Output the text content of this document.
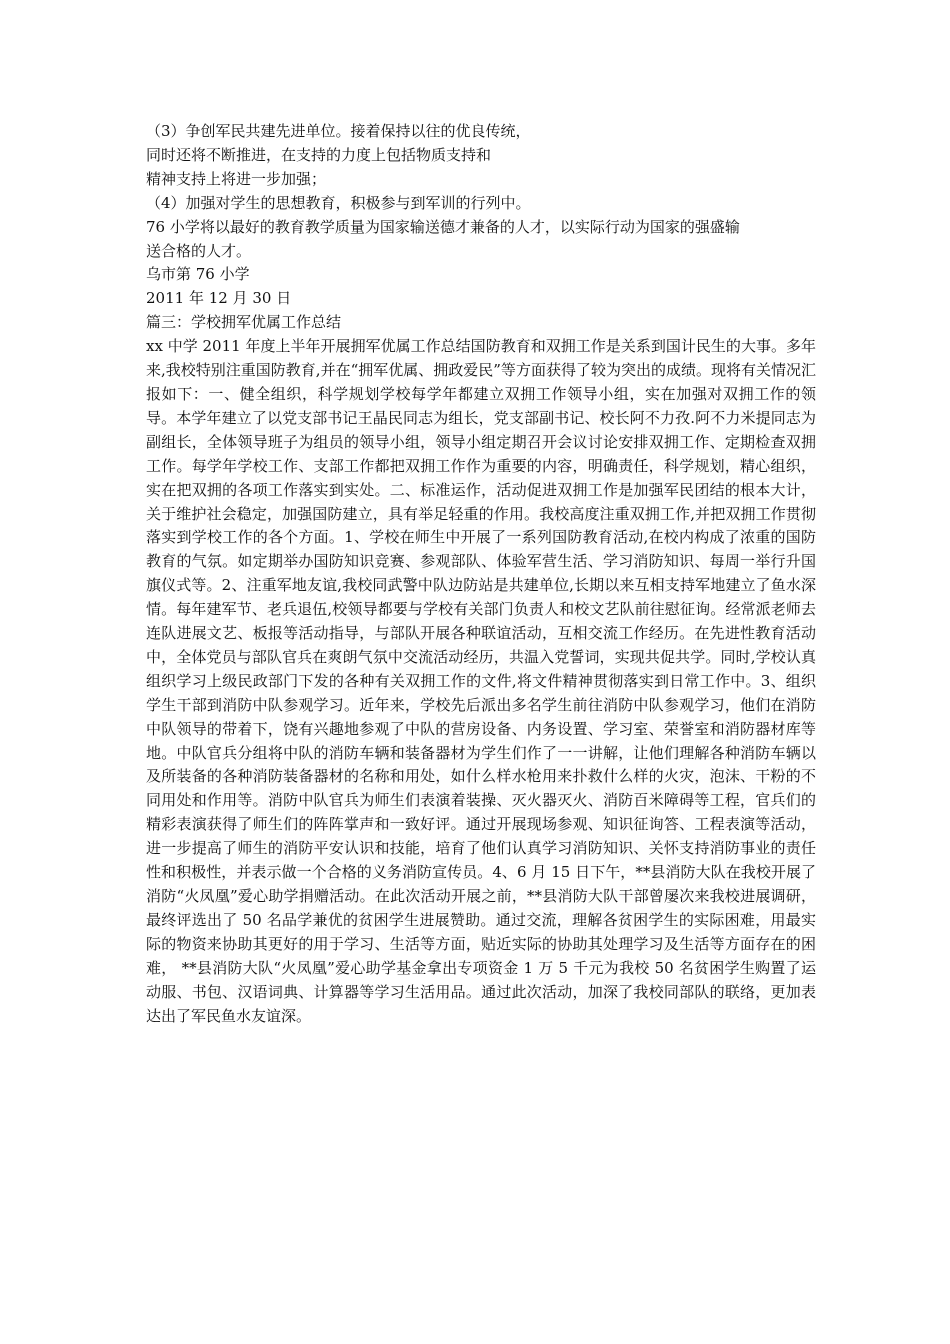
（3）争创军民共建先进单位。接着保持以往的优良传统，

同时还将不断推进，在支持的力度上包括物质支持和

精神支持上将进一步加强；

（4）加强对学生的思想教育，积极参与到军训的行列中。

76 小学将以最好的教育教学质量为国家输送德才兼备的人才，以实际行动为国家的强盛输

送合格的人才。

乌市第 76 小学

2011 年 12 月 30 日

篇三：学校拥军优属工作总结

xx 中学 2011 年度上半年开展拥军优属工作总结国防教育和双拥工作是关系到国计民生的大事。多年来,我校特别注重国防教育,并在“拥军优属、拥政爱民”等方面获得了较为突出的成绩。现将有关情况汇报如下：一、健全组织，科学规划学校每学年都建立双拥工作领导小组，实在加强对双拥工作的领导。本学年建立了以党支部书记王晶民同志为组长，党支部副书记、校长阿不力孜.阿不力米提同志为副组长，全体领导班子为组员的领导小组，领导小组定期召开会议讨论安排双拥工作、定期检查双拥工作。每学年学校工作、支部工作都把双拥工作作为重要的内容，明确责任，科学规划，精心组织，实在把双拥的各项工作落实到实处。二、标准运作，活动促进双拥工作是加强军民团结的根本大计，关于维护社会稳定，加强国防建立，具有举足轻重的作用。我校高度注重双拥工作,并把双拥工作贯彻落实到学校工作的各个方面。1、学校在师生中开展了一系列国防教育活动,在校内构成了浓重的国防教育的气氛。如定期举办国防知识竞赛、参观部队、体验军营生活、学习消防知识、每周一举行升国旗仪式等。2、注重军地友谊,我校同武警中队边防站是共建单位,长期以来互相支持军地建立了鱼水深情。每年建军节、老兵退伍,校领导都要与学校有关部门负责人和校文艺队前往慰征询。经常派老师去连队进展文艺、板报等活动指导，与部队开展各种联谊活动，互相交流工作经历。在先进性教育活动中，全体党员与部队官兵在爽朗气氛中交流活动经历，共温入党誓词，实现共促共学。同时,学校认真组织学习上级民政部门下发的各种有关双拥工作的文件,将文件精神贯彻落实到日常工作中。3、组织学生干部到消防中队参观学习。近年来，学校先后派出多名学生前往消防中队参观学习，他们在消防中队领导的带着下，饶有兴趣地参观了中队的营房设备、内务设置、学习室、荣誉室和消防器材库等地。中队官兵分组将中队的消防车辆和装备器材为学生们作了一一讲解，让他们理解各种消防车辆以及所装备的各种消防装备器材的名称和用处，如什么样水枪用来扑救什么样的火灾，泡沫、干粉的不同用处和作用等。消防中队官兵为师生们表演着装操、灭火器灭火、消防百米障碍等工程，官兵们的精彩表演获得了师生们的阵阵掌声和一致好评。通过开展现场参观、知识征询答、工程表演等活动，进一步提高了师生的消防平安认识和技能，培育了他们认真学习消防知识、关怀支持消防事业的责任性和积极性，并表示做一个合格的义务消防宣传员。4、6 月 15 日下午，**县消防大队在我校开展了消防“火凤凰”爱心助学捐赠活动。在此次活动开展之前，**县消防大队干部曾屡次来我校进展调研，最终评选出了 50 名品学兼优的贫困学生进展赞助。通过交流，理解各贫困学生的实际困难，用最实际的物资来协助其更好的用于学习、生活等方面，贴近实际的协助其处理学习及生活等方面存在的困难， **县消防大队“火凤凰”爱心助学基金拿出专项资金 1 万 5 千元为我校 50 名贫困学生购置了运动服、书包、汉语词典、计算器等学习生活用品。通过此次活动，加深了我校同部队的联络，更加表达出了军民鱼水友谊深。
